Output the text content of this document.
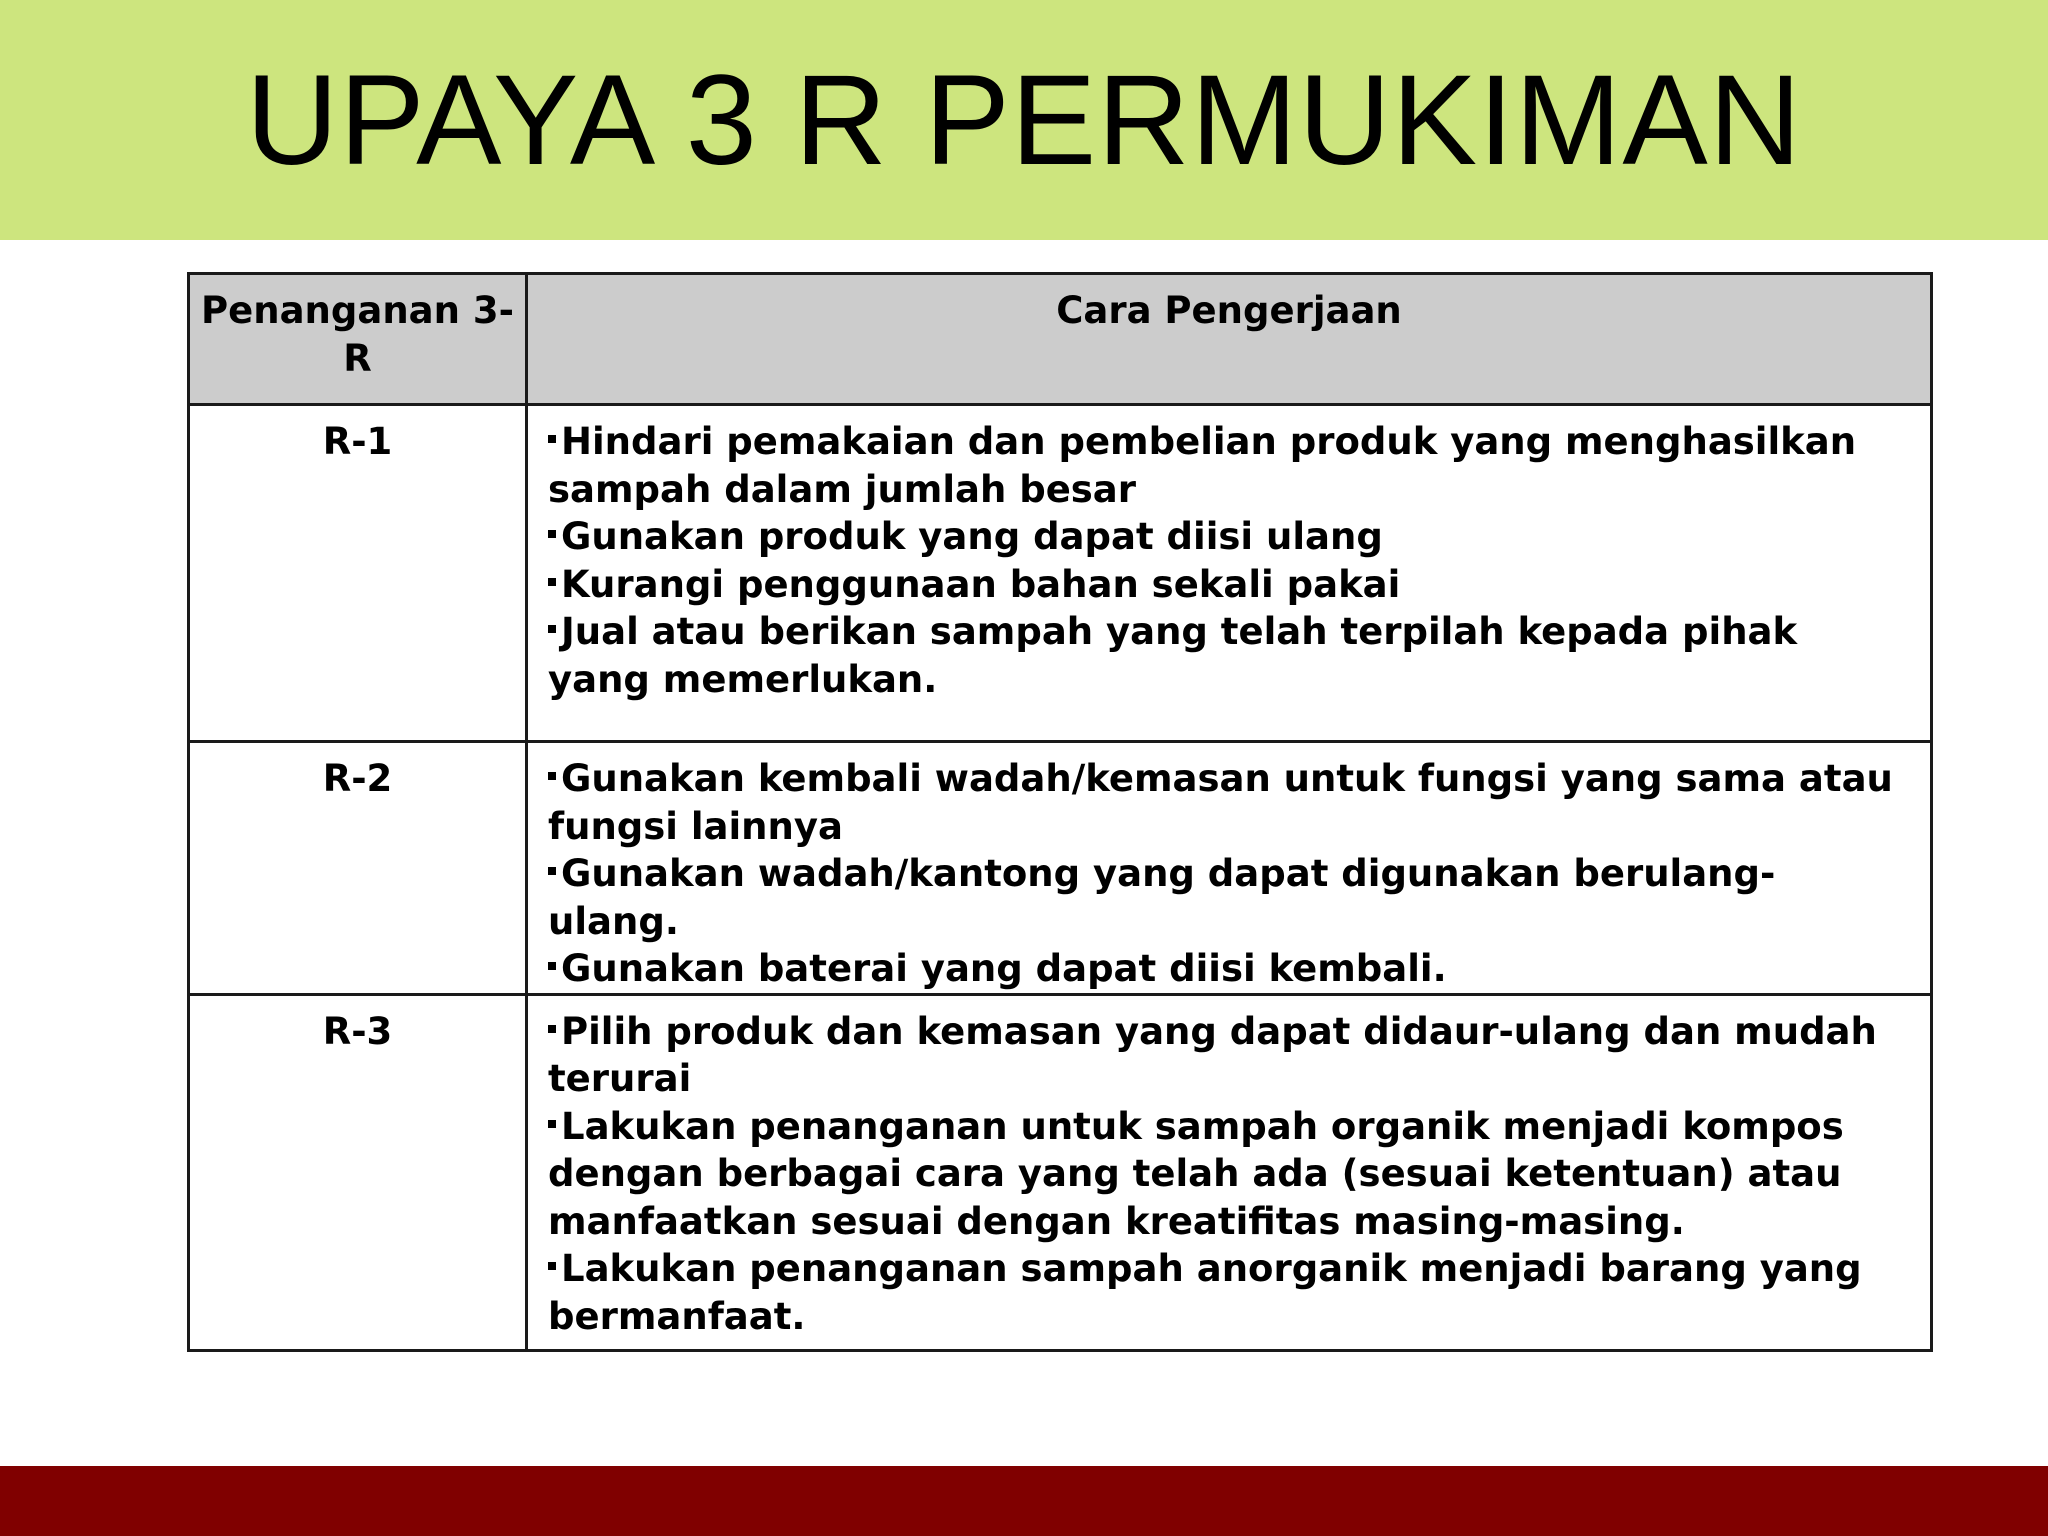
UPAYA 3 R PERMUKIMAN
Penanganan 3-R	Cara Pengerjaan
R-1	Hindari pemakaian dan pembelian produk yang menghasilkan sampah dalam jumlah besar
Gunakan produk yang dapat diisi ulang
Kurangi penggunaan bahan sekali pakai
Jual atau berikan sampah yang telah terpilah kepada pihak yang memerlukan.

R-2	Gunakan kembali wadah/kemasan untuk fungsi yang sama atau fungsi lainnya
Gunakan wadah/kantong yang dapat digunakan berulang-ulang.
Gunakan baterai yang dapat diisi kembali.

R-3	Pilih produk dan kemasan yang dapat didaur-ulang dan mudah terurai
Lakukan penanganan untuk sampah organik menjadi kompos dengan berbagai cara yang telah ada (sesuai ketentuan) atau manfaatkan sesuai dengan kreatifitas masing-masing.
Lakukan penanganan sampah anorganik menjadi barang yang bermanfaat.
